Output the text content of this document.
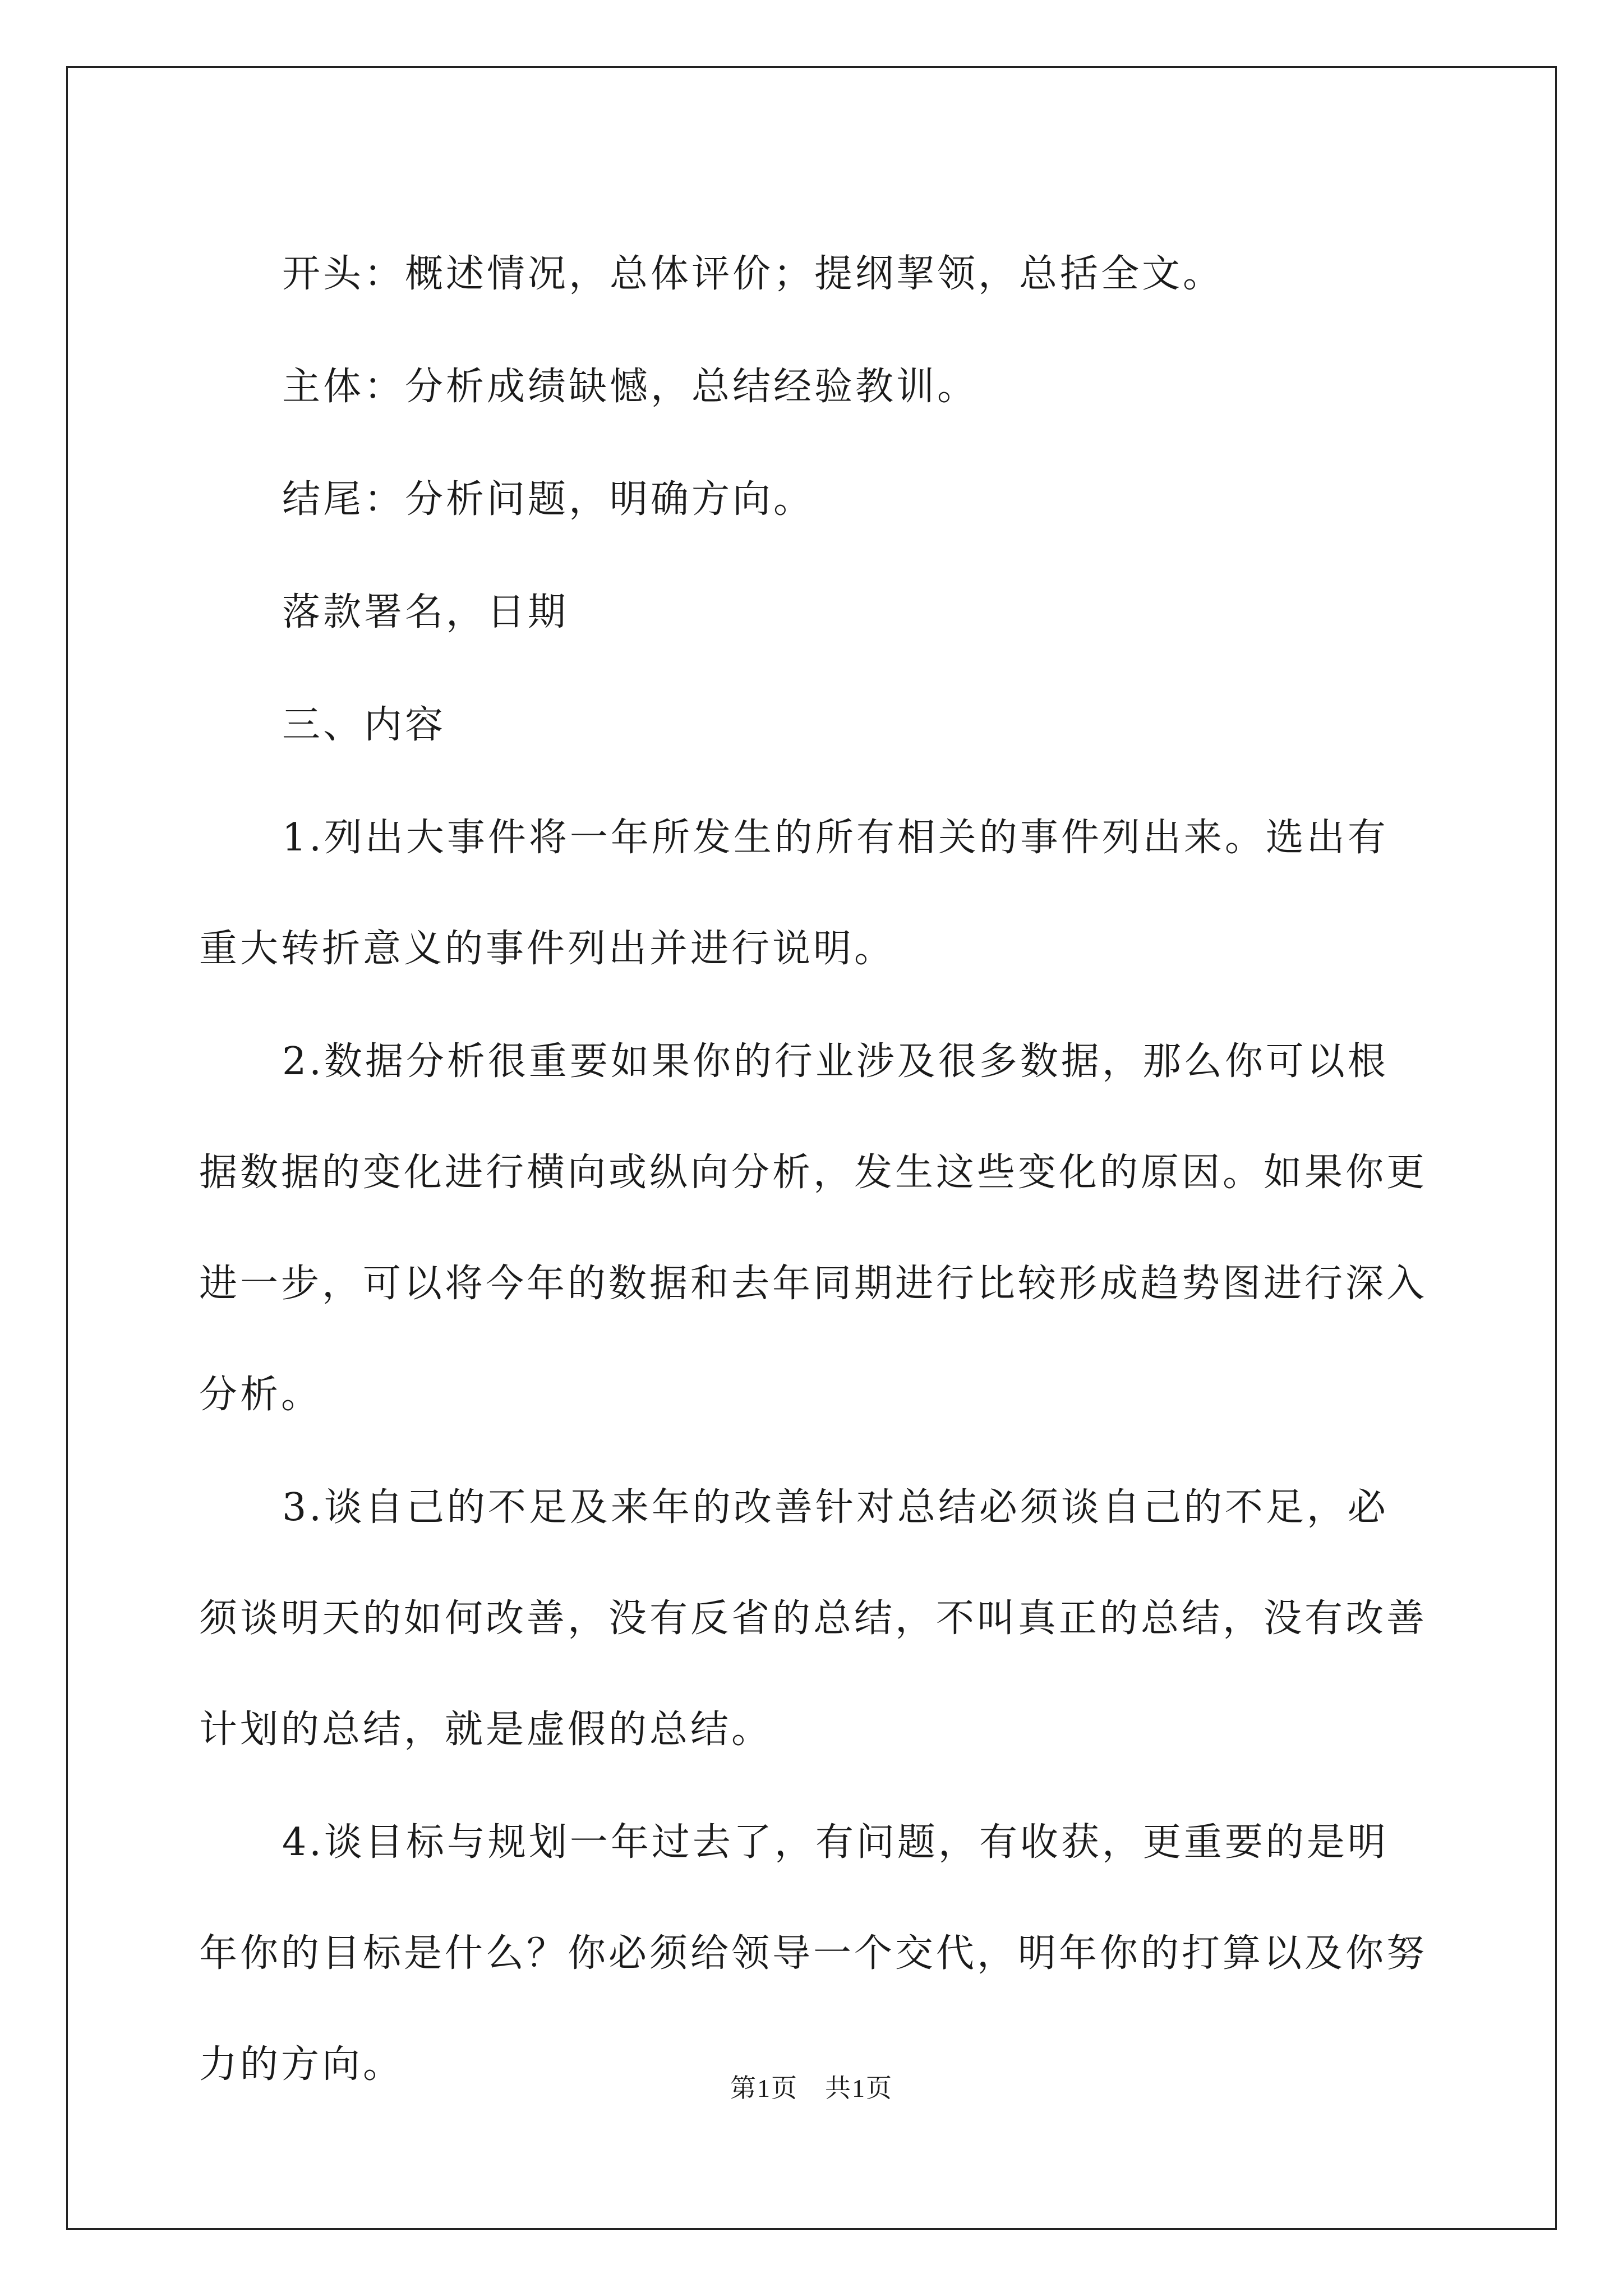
开头：概述情况，总体评价；提纲挈领，总括全文。

主体：分析成绩缺憾，总结经验教训。

结尾：分析问题，明确方向。

落款署名，日期

三、内容

1.列出大事件将一年所发生的所有相关的事件列出来。选出有重大转折意义的事件列出并进行说明。

2.数据分析很重要如果你的行业涉及很多数据，那么你可以根据数据的变化进行横向或纵向分析，发生这些变化的原因。如果你更进一步，可以将今年的数据和去年同期进行比较形成趋势图进行深入分析。

3.谈自己的不足及来年的改善针对总结必须谈自己的不足，必须谈明天的如何改善，没有反省的总结，不叫真正的总结，没有改善计划的总结，就是虚假的总结。

4.谈目标与规划一年过去了，有问题，有收获，更重要的是明年你的目标是什么？你必须给领导一个交代，明年你的打算以及你努力的方向。

第1页　共1页
